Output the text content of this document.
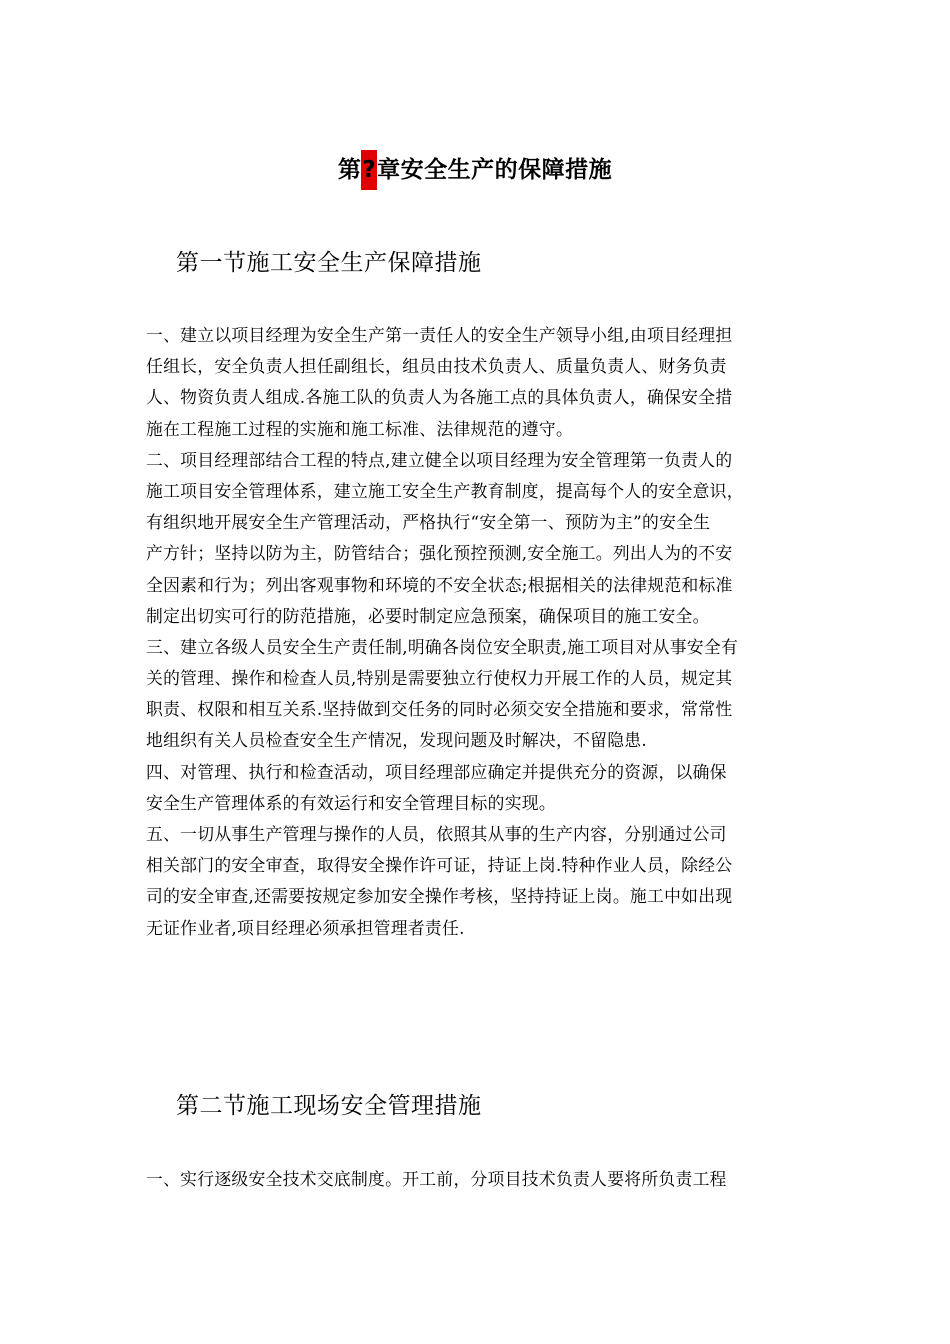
第?章安全生产的保障措施
第一节施工安全生产保障措施
一、建立以项目经理为安全生产第一责任人的安全生产领导小组,由项目经理担
任组长，安全负责人担任副组长，组员由技术负责人、质量负责人、财务负责
人、物资负责人组成.各施工队的负责人为各施工点的具体负责人，确保安全措
施在工程施工过程的实施和施工标准、法律规范的遵守。
二、项目经理部结合工程的特点,建立健全以项目经理为安全管理第一负责人的
施工项目安全管理体系，建立施工安全生产教育制度，提高每个人的安全意识，
有组织地开展安全生产管理活动，严格执行“安全第一、预防为主”的安全生
产方针；坚持以防为主，防管结合；强化预控预测,安全施工。列出人为的不安
全因素和行为；列出客观事物和环境的不安全状态;根据相关的法律规范和标准
制定出切实可行的防范措施，必要时制定应急预案，确保项目的施工安全。
三、建立各级人员安全生产责任制,明确各岗位安全职责,施工项目对从事安全有
关的管理、操作和检查人员,特别是需要独立行使权力开展工作的人员，规定其
职责、权限和相互关系.坚持做到交任务的同时必须交安全措施和要求，常常性
地组织有关人员检查安全生产情况，发现问题及时解决，不留隐患.
四、对管理、执行和检查活动，项目经理部应确定并提供充分的资源，以确保
安全生产管理体系的有效运行和安全管理目标的实现。
五、一切从事生产管理与操作的人员，依照其从事的生产内容，分别通过公司
相关部门的安全审查，取得安全操作许可证，持证上岗.特种作业人员，除经公
司的安全审查,还需要按规定参加安全操作考核，坚持持证上岗。施工中如出现
无证作业者,项目经理必须承担管理者责任.
第二节施工现场安全管理措施
一、实行逐级安全技术交底制度。开工前，分项目技术负责人要将所负责工程
